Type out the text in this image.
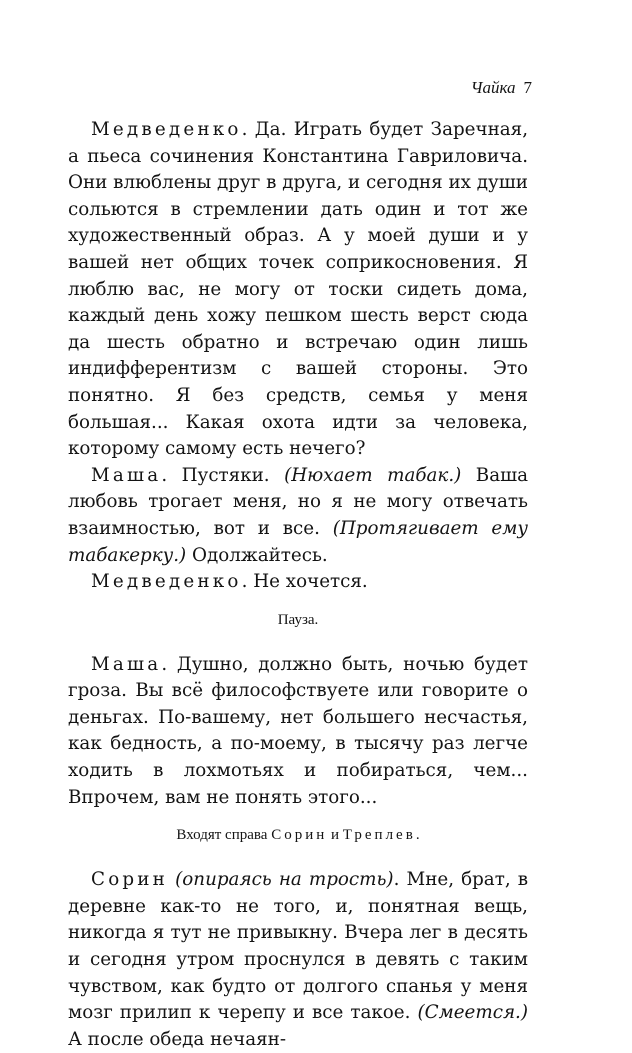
Чайка 7

Медведенко. Да. Играть будет Заречная, а пьеса сочинения Константина Гавриловича. Они влюблены друг в друга, и сегодня их души сольются в стремлении дать один и тот же художественный образ. А у моей души и у вашей нет общих точек соприкосновения. Я люблю вас, не могу от тоски сидеть дома, каждый день хожу пешком шесть верст сюда да шесть обратно и встречаю один лишь индифферентизм с вашей стороны. Это понятно. Я без средств, семья у меня большая... Какая охота идти за человека, которому самому есть нечего?

Маша. Пустяки. (Нюхает табак.) Ваша любовь трогает меня, но я не могу отвечать взаимностью, вот и все. (Протягивает ему табакерку.) Одолжайтесь.

Медведенко. Не хочется.

Пауза.

Маша. Душно, должно быть, ночью будет гроза. Вы всё философствуете или говорите о деньгах. По-вашему, нет большего несчастья, как бедность, а по-моему, в тысячу раз легче ходить в лохмотьях и побираться, чем... Впрочем, вам не понять этого...

Входят справа Сорин и Треплев.

Сорин (опираясь на трость). Мне, брат, в деревне как-то не того, и, понятная вещь, никогда я тут не привыкну. Вчера лег в десять и сегодня утром проснулся в девять с таким чувством, как будто от долгого спанья у меня мозг прилип к черепу и все такое. (Смеется.) А после обеда нечаян-
